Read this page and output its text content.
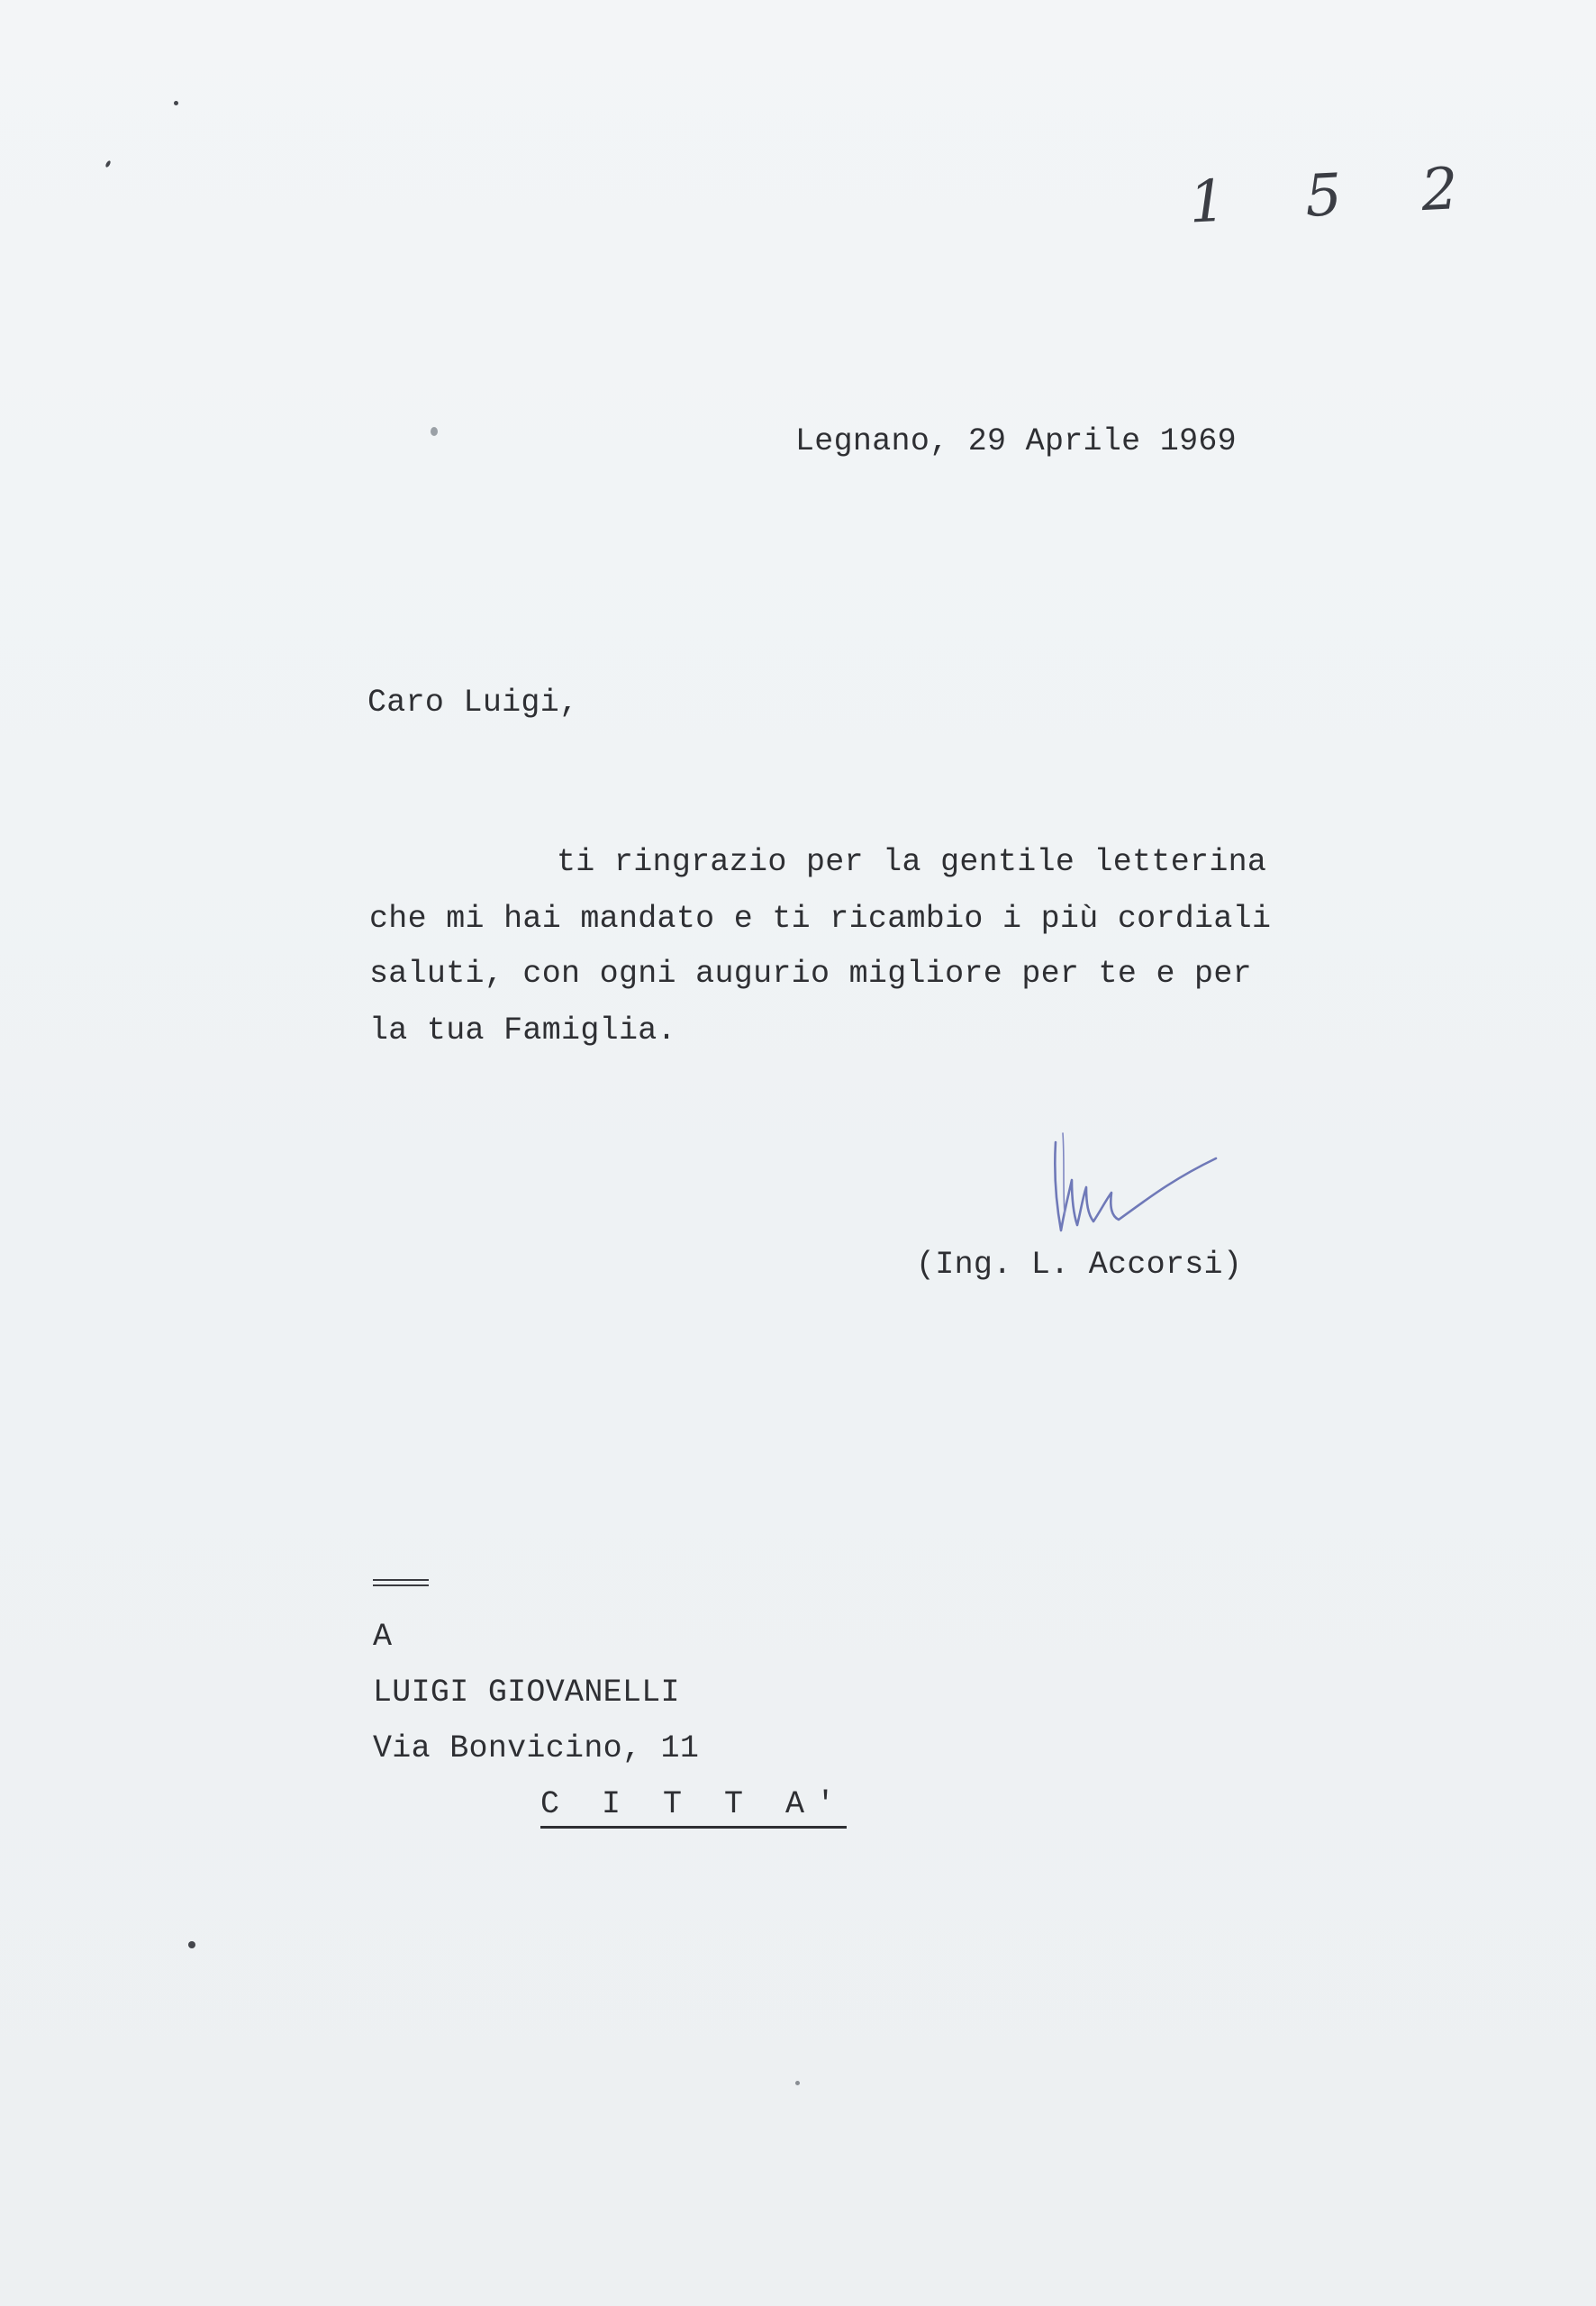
1 5 2
Legnano, 29 Aprile 1969
Caro Luigi,
ti ringrazio per la gentile letterina
che mi hai mandato e ti ricambio i più cordiali
saluti, con ogni augurio migliore per te e per
la tua Famiglia.
(Ing. L. Accorsi)
A
LUIGI GIOVANELLI
Via Bonvicino, 11
C I T T A'
